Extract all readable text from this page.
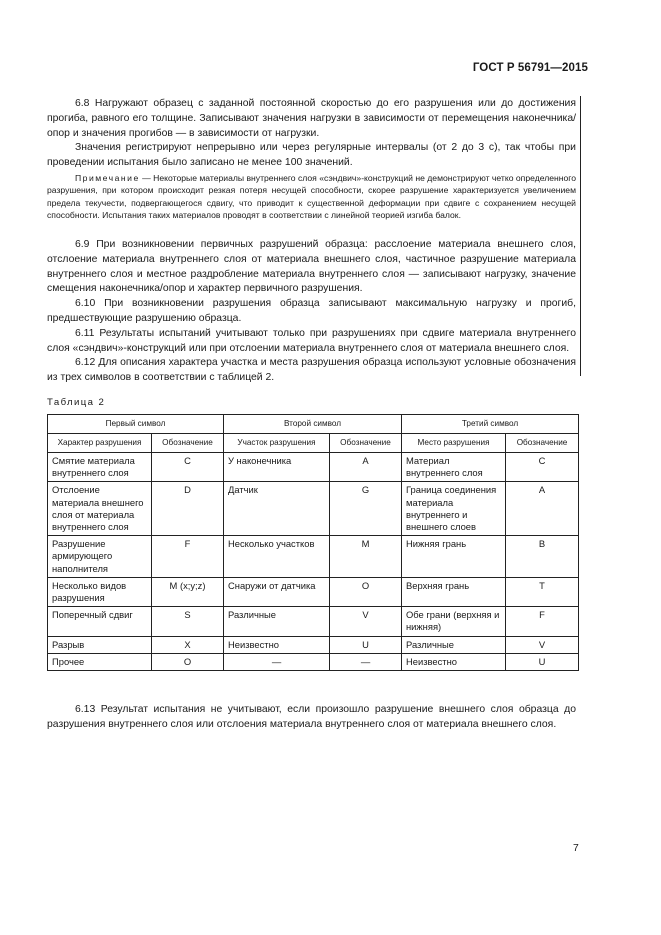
ГОСТ Р 56791—2015

6.8 Нагружают образец с заданной постоянной скоростью до его разрушения или до достижения прогиба, равного его толщине. Записывают значения нагрузки в зависимости от перемещения наконечника/опор и значения прогибов — в зависимости от нагрузки.

Значения регистрируют непрерывно или через регулярные интервалы (от 2 до 3 с), так чтобы при проведении испытания было записано не менее 100 значений.

Примечание — Некоторые материалы внутреннего слоя «сэндвич»-конструкций не демонстрируют четко определенного разрушения, при котором происходит резкая потеря несущей способности, скорее разрушение характеризуется увеличением предела текучести, подвергающегося сдвигу, что приводит к существенной деформации при сдвиге с сохранением несущей способности. Испытания таких материалов проводят в соответствии с линейной теорией изгиба балок.

6.9 При возникновении первичных разрушений образца: расслоение материала внешнего слоя, отслоение материала внутреннего слоя от материала внешнего слоя, частичное разрушение материала внутреннего слоя и местное раздробление материала внутреннего слоя — записывают нагрузку, значение смещения наконечника/опор и характер первичного разрушения.

6.10 При возникновении разрушения образца записывают максимальную нагрузку и прогиб, предшествующие разрушению образца.

6.11 Результаты испытаний учитывают только при разрушениях при сдвиге материала внутреннего слоя «сэндвич»-конструкций или при отслоении материала внутреннего слоя от материала внешнего слоя.

6.12 Для описания характера участка и места разрушения образца используют условные обозначения из трех символов в соответствии с таблицей 2.

Таблица 2
Первый символ		Второй символ		Третий символ	
Характер разрушения	Обозначение	Участок разрушения	Обозначение	Место разрушения	Обозначение
Смятие материала внутреннего слоя	C	У наконечника	A	Материал внутреннего слоя	C
Отслоение материала внешнего слоя от материала внутреннего слоя	D	Датчик	G	Граница соединения материала внутреннего и внешнего слоев	A
Разрушение армирующего наполнителя	F	Несколько участков	M	Нижняя грань	B
Несколько видов разрушения	M (x;y;z)	Снаружи от датчика	O	Верхняя грань	T
Поперечный сдвиг	S	Различные	V	Обе грани (верхняя и нижняя)	F
Разрыв	X	Неизвестно	U	Различные	V
Прочее	O	—	—	Неизвестно	U

6.13 Результат испытания не учитывают, если произошло разрушение внешнего слоя образца до разрушения внутреннего слоя или отслоения материала внутреннего слоя от материала внешнего слоя.

7
